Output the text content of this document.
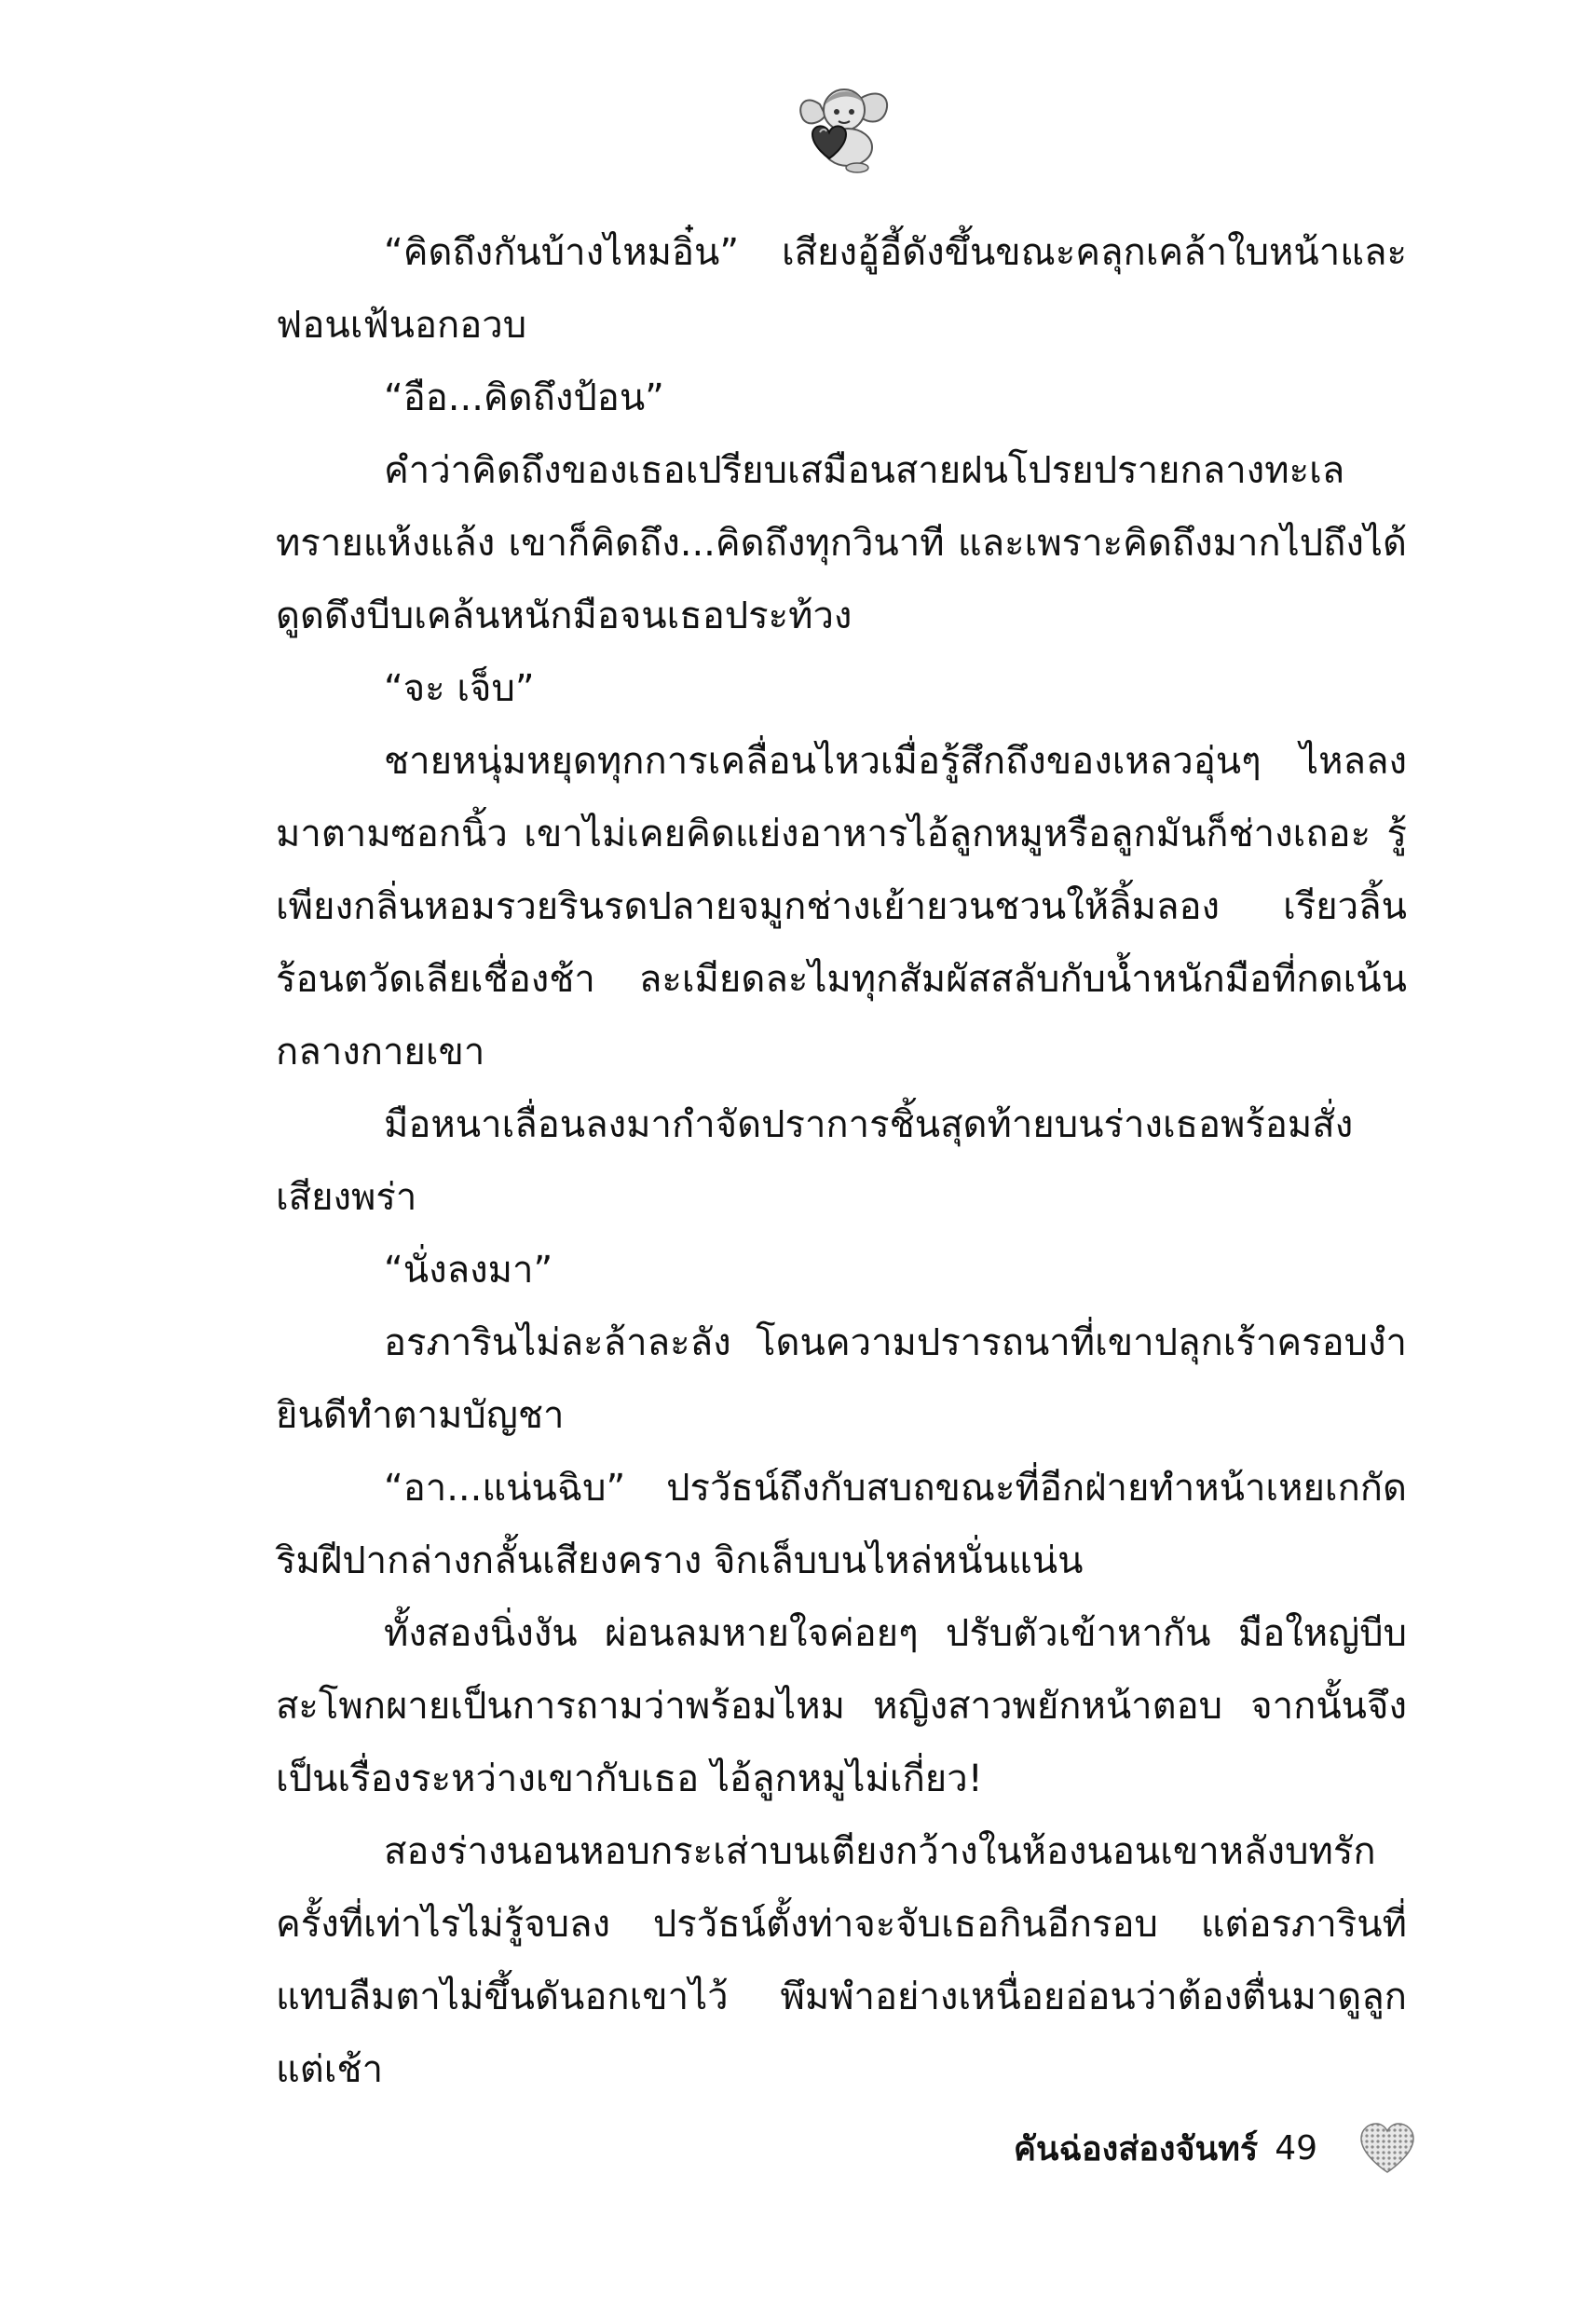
“คิดถึงกันบ้างไหมอิ๋น” เสียงอู้อี้ดังขึ้นขณะคลุกเคล้าใบหน้าและฟอนเฟ้นอกอวบ

“อือ...คิดถึงป้อน”

คำว่าคิดถึงของเธอเปรียบเสมือนสายฝนโปรยปรายกลางทะเลทรายแห้งแล้ง เขาก็คิดถึง...คิดถึงทุกวินาที และเพราะคิดถึงมากไปถึงได้ดูดดึงบีบเคล้นหนักมือจนเธอประท้วง

“จะ เจ็บ”

ชายหนุ่มหยุดทุกการเคลื่อนไหวเมื่อรู้สึกถึงของเหลวอุ่นๆ ไหลลงมาตามซอกนิ้ว เขาไม่เคยคิดแย่งอาหารไอ้ลูกหมูหรือลูกมันก็ช่างเถอะ รู้เพียงกลิ่นหอมรวยรินรดปลายจมูกช่างเย้ายวนชวนให้ลิ้มลอง เรียวลิ้นร้อนตวัดเลียเชื่องช้า ละเมียดละไมทุกสัมผัสสลับกับน้ำหนักมือที่กดเน้นกลางกายเขา

มือหนาเลื่อนลงมากำจัดปราการชิ้นสุดท้ายบนร่างเธอพร้อมสั่งเสียงพร่า

“นั่งลงมา”

อรภารินไม่ละล้าละลัง โดนความปรารถนาที่เขาปลุกเร้าครอบงำยินดีทำตามบัญชา

“อา...แน่นฉิบ” ปรวัธน์ถึงกับสบถขณะที่อีกฝ่ายทำหน้าเหยเกกัดริมฝีปากล่างกลั้นเสียงคราง จิกเล็บบนไหล่หนั่นแน่น

ทั้งสองนิ่งงัน ผ่อนลมหายใจค่อยๆ ปรับตัวเข้าหากัน มือใหญ่บีบสะโพกผายเป็นการถามว่าพร้อมไหม หญิงสาวพยักหน้าตอบ จากนั้นจึงเป็นเรื่องระหว่างเขากับเธอ ไอ้ลูกหมูไม่เกี่ยว!

สองร่างนอนหอบกระเส่าบนเตียงกว้างในห้องนอนเขาหลังบทรักครั้งที่เท่าไรไม่รู้จบลง ปรวัธน์ตั้งท่าจะจับเธอกินอีกรอบ แต่อรภารินที่แทบลืมตาไม่ขึ้นดันอกเขาไว้ พึมพำอย่างเหนื่อยอ่อนว่าต้องตื่นมาดูลูกแต่เช้า

คันฉ่องส่องจันทร์ 49
